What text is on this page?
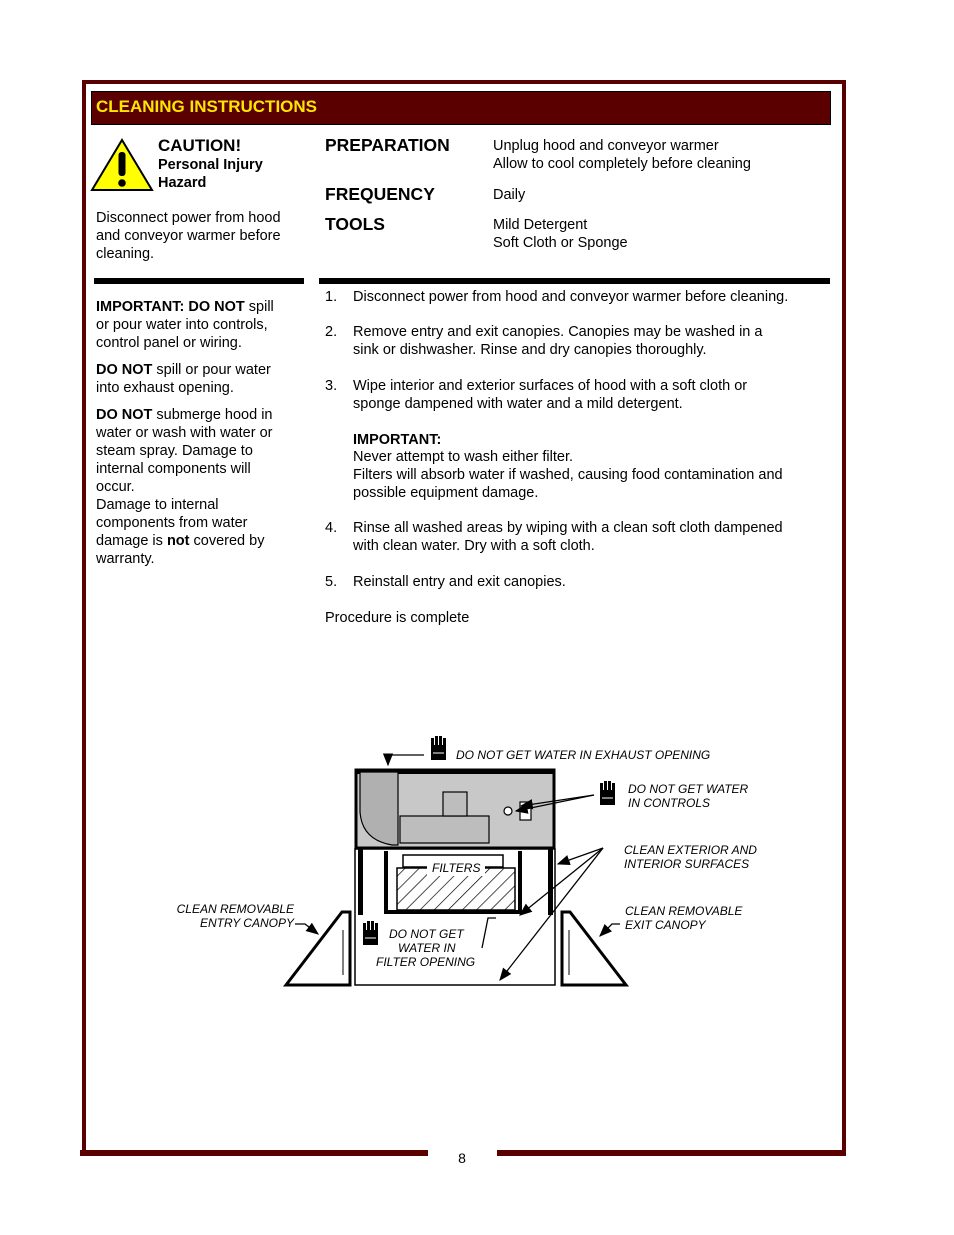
8
CLEANING INSTRUCTIONS
CAUTION!
Personal Injury
Hazard
Disconnect power from hood
and conveyor warmer before
cleaning.
PREPARATION	Unplug hood and conveyor warmer
Allow to cool completely before cleaning
FREQUENCY	Daily
TOOLS	Mild Detergent
Soft Cloth or Sponge
IMPORTANT: DO NOT spill
or pour water into controls,
control panel or wiring.
DO NOT spill or pour water
into exhaust opening.
DO NOT submerge hood in
water or wash with water or
steam spray. Damage to
internal components will
occur.
Damage to internal
components from water
damage is not covered by
warranty.
1. Disconnect power from hood and conveyor warmer before cleaning.
2. Remove entry and exit canopies. Canopies may be washed in a
sink or dishwasher. Rinse and dry canopies thoroughly.
3. Wipe interior and exterior surfaces of hood with a soft cloth or
sponge dampened with water and a mild detergent.
IMPORTANT:
Never attempt to wash either filter.
Filters will absorb water if washed, causing food contamination and
possible equipment damage.
4. Rinse all washed areas by wiping with a clean soft cloth dampened
with clean water. Dry with a soft cloth.
5. Reinstall entry and exit canopies.
Procedure is complete
FILTERS
DO NOT GET WATER IN EXHAUST OPENING
DO NOT GET WATER
IN CONTROLS
CLEAN EXTERIOR AND
INTERIOR SURFACES
CLEAN REMOVABLE
EXIT CANOPY
CLEAN REMOVABLE
ENTRY CANOPY
DO NOT GET
WATER IN
FILTER OPENING
